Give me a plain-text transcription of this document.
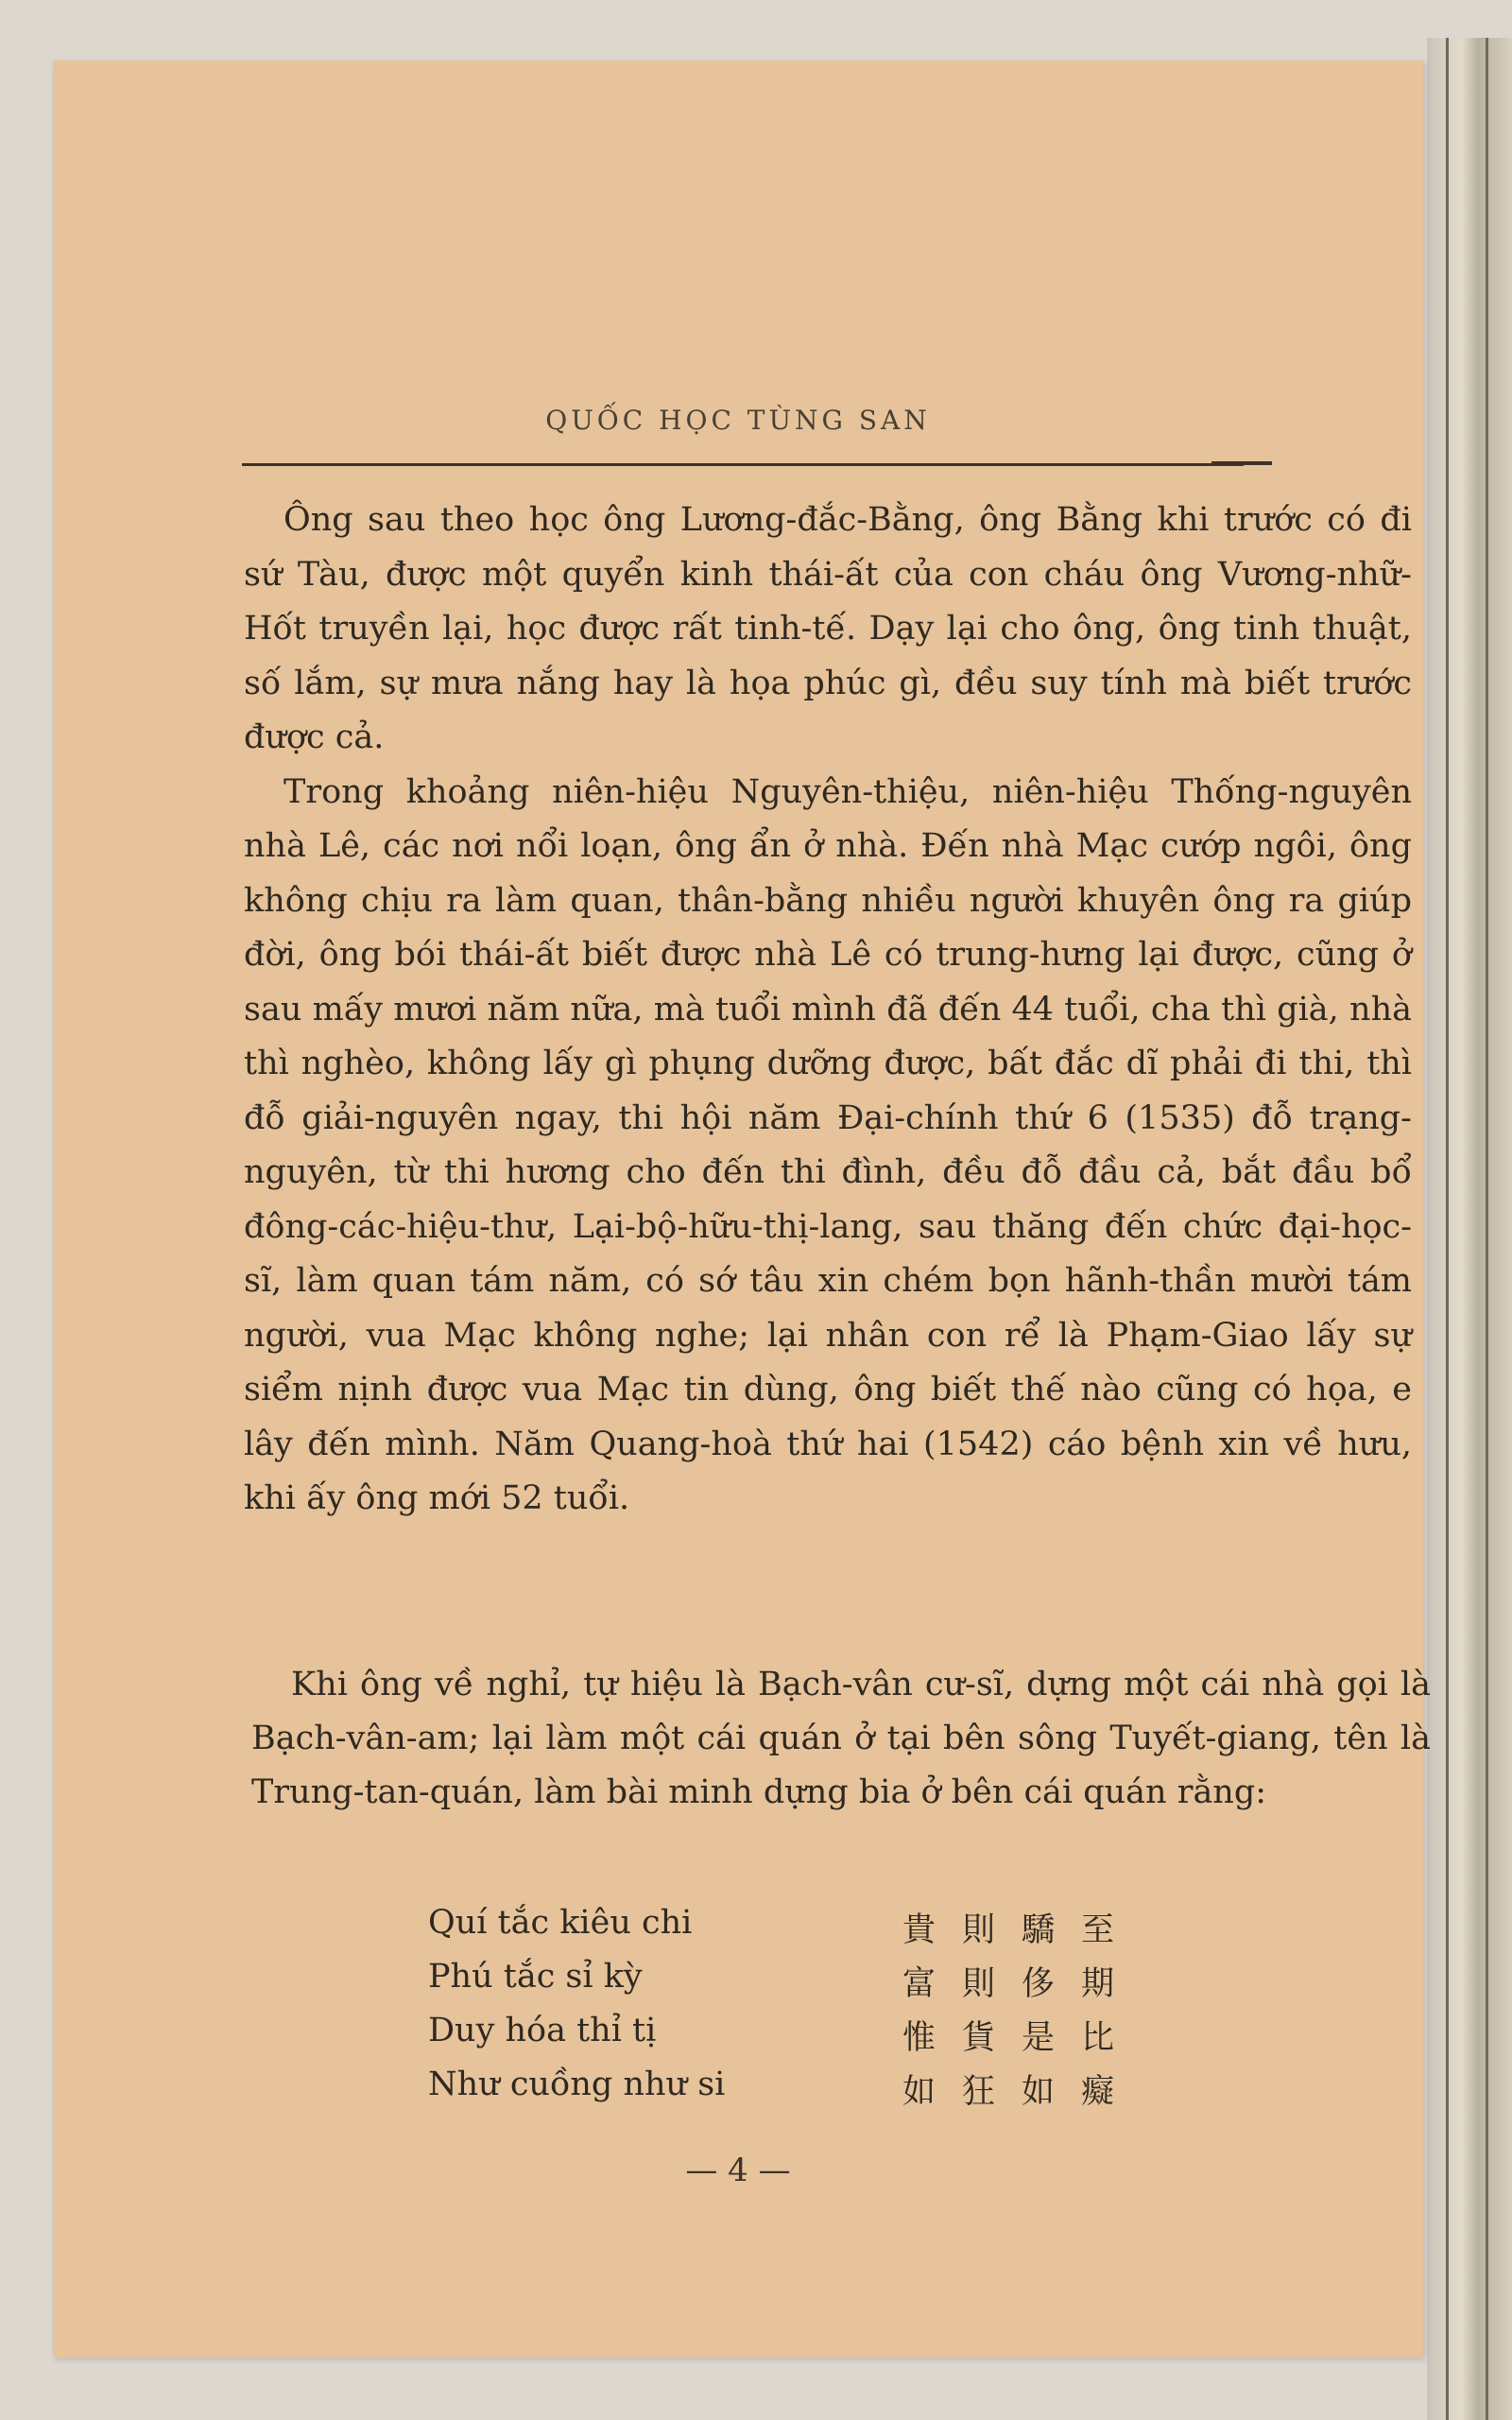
QUỐC HỌC TÙNG SAN

Ông sau theo học ông Lương-đắc-Bằng, ông Bằng khi trước có đi sứ Tàu, được một quyển kinh thái-ất của con cháu ông Vương-nhữ-Hốt truyền lại, học được rất tinh-tế. Dạy lại cho ông, ông tinh thuật, số lắm, sự mưa nắng hay là họa phúc gì, đều suy tính mà biết trước được cả.

Trong khoảng niên-hiệu Nguyên-thiệu, niên-hiệu Thống-nguyên nhà Lê, các nơi nổi loạn, ông ẩn ở nhà. Đến nhà Mạc cướp ngôi, ông không chịu ra làm quan, thân-bằng nhiều người khuyên ông ra giúp đời, ông bói thái-ất biết được nhà Lê có trung-hưng lại được, cũng ở sau mấy mươi năm nữa, mà tuổi mình đã đến 44 tuổi, cha thì già, nhà thì nghèo, không lấy gì phụng dưỡng được, bất đắc dĩ phải đi thi, thì đỗ giải-nguyên ngay, thi hội năm Đại-chính thứ 6 (1535) đỗ trạng-nguyên, từ thi hương cho đến thi đình, đều đỗ đầu cả, bắt đầu bổ đông-các-hiệu-thư, Lại-bộ-hữu-thị-lang, sau thăng đến chức đại-học-sĩ, làm quan tám năm, có sớ tâu xin chém bọn hãnh-thần mười tám người, vua Mạc không nghe; lại nhân con rể là Phạm-Giao lấy sự siểm nịnh được vua Mạc tin dùng, ông biết thế nào cũng có họa, e lây đến mình. Năm Quang-hoà thứ hai (1542) cáo bệnh xin về hưu, khi ấy ông mới 52 tuổi.

Khi ông về nghỉ, tự hiệu là Bạch-vân cư-sĩ, dựng một cái nhà gọi là Bạch-vân-am; lại làm một cái quán ở tại bên sông Tuyết-giang, tên là Trung-tan-quán, làm bài minh dựng bia ở bên cái quán rằng:

Quí tắc kiêu chi	貴則驕至
Phú tắc sỉ kỳ	富則侈期
Duy hóa thỉ tị	惟貨是比
Như cuồng như si	如狂如癡
— 4 —
